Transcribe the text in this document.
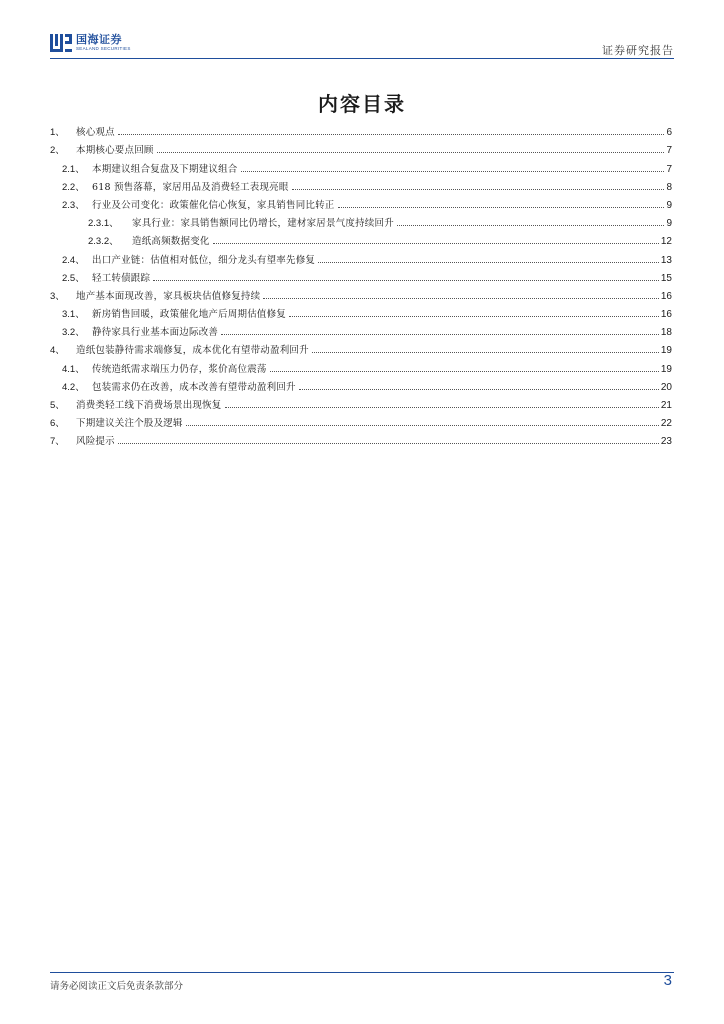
国海证券
SEALAND SECURITIES	证券研究报告
内容目录
1、	核心观点	6
2、	本期核心要点回顾	7
2.1、 本期建议组合复盘及下期建议组合	7
2.2、 618 预售落幕，家居用品及消费轻工表现亮眼	8
2.3、 行业及公司变化：政策催化信心恢复，家具销售同比转正	9
2.3.1、	家具行业：家具销售额同比仍增长，建材家居景气度持续回升	9
2.3.2、	造纸高频数据变化	12
2.4、 出口产业链：估值相对低位，细分龙头有望率先修复	13
2.5、 轻工转债跟踪	15
3、	地产基本面现改善，家具板块估值修复持续	16
3.1、 新房销售回暖，政策催化地产后周期估值修复	16
3.2、 静待家具行业基本面边际改善	18
4、	造纸包装静待需求端修复，成本优化有望带动盈利回升	19
4.1、 传统造纸需求端压力仍存，浆价高位震荡	19
4.2、 包装需求仍在改善，成本改善有望带动盈利回升	20
5、	消费类轻工线下消费场景出现恢复	21
6、	下期建议关注个股及逻辑	22
7、	风险提示	23
请务必阅读正文后免责条款部分	3
